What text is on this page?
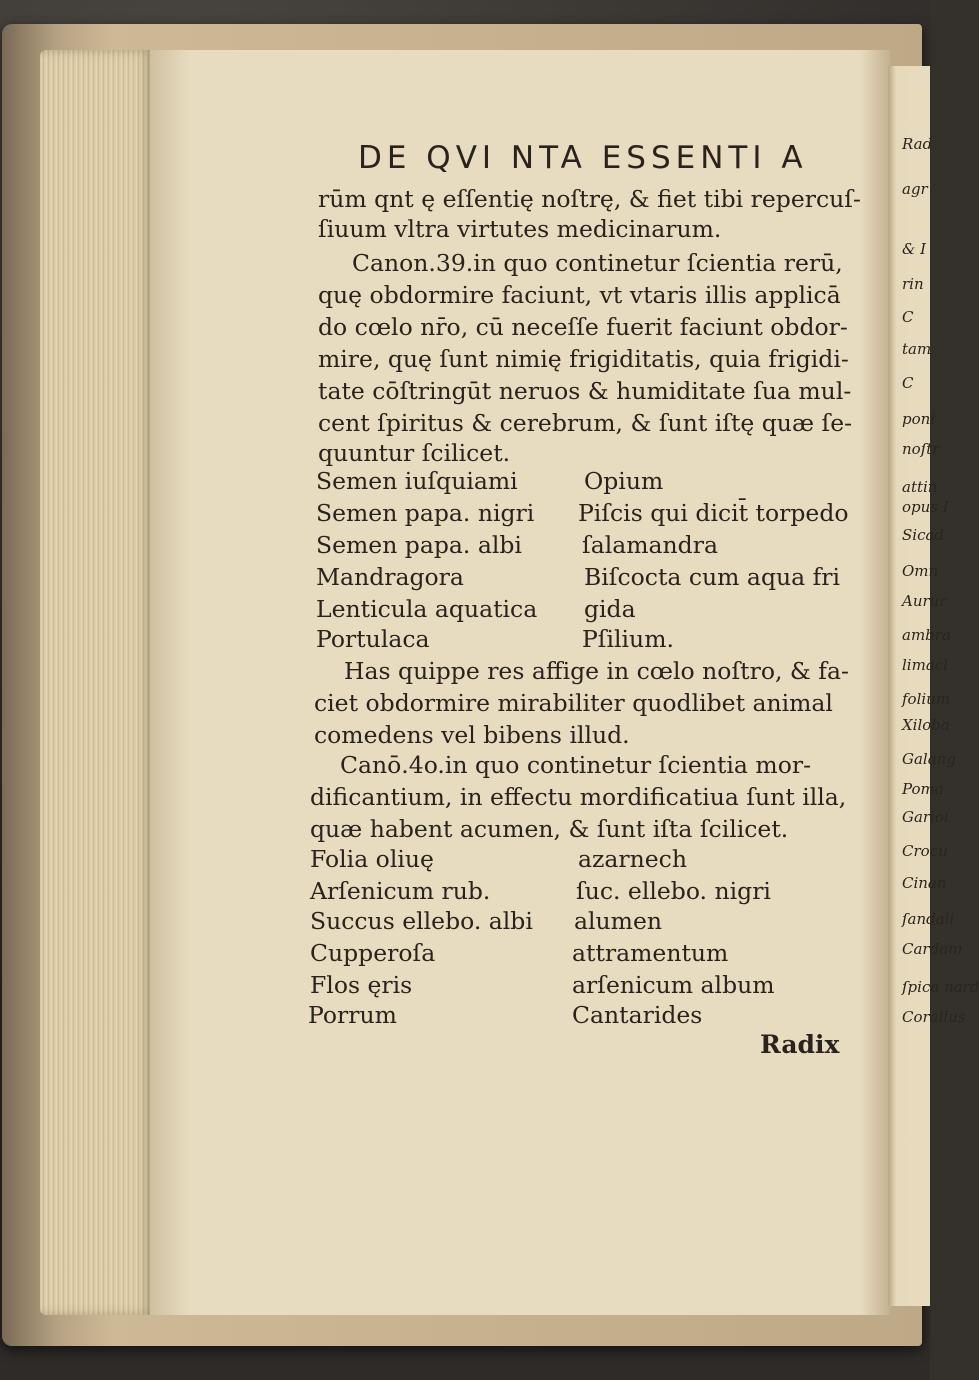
Rad
agr
& I
rin
C
tam
C
poni
noſtr
attin
opus I
Sicad
Omn
Aurur
ambra
limacl
folium
Xiloba
Galang
Poma
Garioi
Crocu
Cinan
ſandali
Cardam
ſpica nard
Corallus
DE QVI NTA ESSENTI A
rūm qnt ę eſſentię noſtrę, & fiet tibi repercuſ-
ſiuum vltra virtutes medicinarum.
Canon.39.in quo continetur ſcientia rerū,
quę obdormire faciunt, vt vtaris illis applicā
do cœlo nr̄o, cū neceſſe fuerit faciunt obdor-
mire, quę ſunt nimię frigiditatis, quia frigidi-
tate cōſtringūt neruos & humiditate ſua mul-
cent ſpiritus & cerebrum, & ſunt iſtę quæ ſe-
quuntur ſcilicet.
Semen iuſquiami
Semen papa. nigri
Semen papa. albi
Mandragora
Lenticula aquatica
Portulaca
Opium
Piſcis qui dicit̄ torpedo
ſalamandra
Biſcocta cum aqua fri
gida
Pſilium.
Has quippe res affige in cœlo noſtro, & fa-
ciet obdormire mirabiliter quodlibet animal
comedens vel bibens illud.
Canō.4o.in quo continetur ſcientia mor-
dificantium, in effectu mordificatiua ſunt illa,
quæ habent acumen, & ſunt iſta ſcilicet.
Folia oliuę
Arſenicum rub.
Succus ellebo. albi
Cupperoſa
Flos ęris
Porrum
azarnech
ſuc. ellebo. nigri
alumen
attramentum
arſenicum album
Cantarides
Radix
